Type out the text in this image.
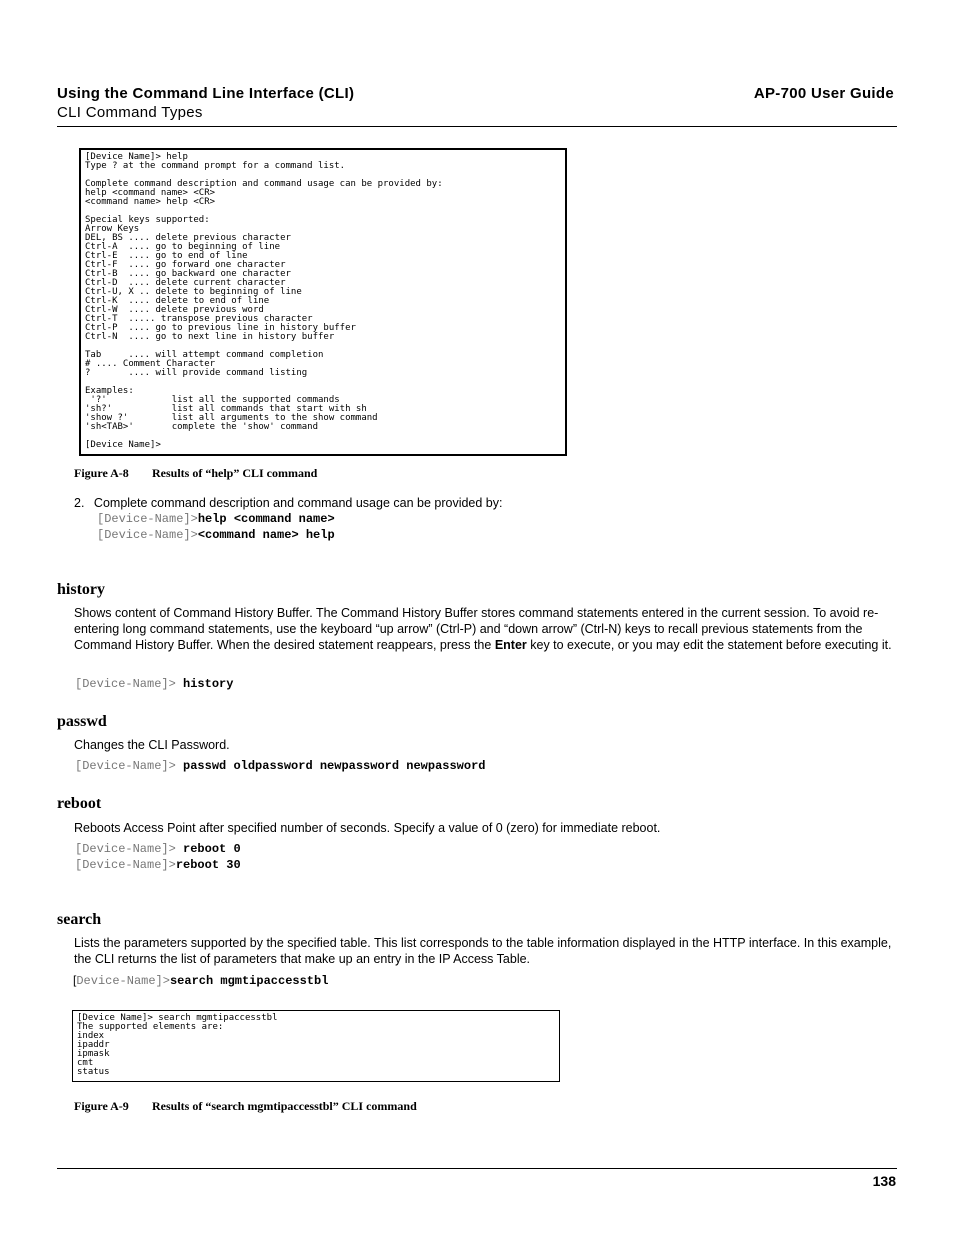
Using the Command Line Interface (CLI)
CLI Command Types
AP-700 User Guide
[Device Name]> help
Type ? at the command prompt for a command list.

Complete command description and command usage can be provided by:
help <command name> <CR>
<command name> help <CR>

Special keys supported:
Arrow Keys
DEL, BS .... delete previous character
Ctrl-A  .... go to beginning of line
Ctrl-E  .... go to end of line
Ctrl-F  .... go forward one character
Ctrl-B  .... go backward one character
Ctrl-D  .... delete current character
Ctrl-U, X .. delete to beginning of line
Ctrl-K  .... delete to end of line
Ctrl-W  .... delete previous word
Ctrl-T  ..... transpose previous character
Ctrl-P  .... go to previous line in history buffer
Ctrl-N  .... go to next line in history buffer

Tab     .... will attempt command completion
# .... Comment Character
?       .... will provide command listing

Examples:
'?'            list all the supported commands
'sh?'           list all commands that start with sh
'show ?'        list all arguments to the show command
'sh<TAB>'       complete the 'show' command

[Device Name]>
Figure A-8 Results of “help” CLI command
2. Complete command description and command usage can be provided by:
[Device-Name]>help <command name>
[Device-Name]><command name> help
history
Shows content of Command History Buffer. The Command History Buffer stores command statements entered in the current session. To avoid re-entering long command statements, use the keyboard “up arrow” (Ctrl-P) and “down arrow” (Ctrl-N) keys to recall previous statements from the Command History Buffer. When the desired statement reappears, press the Enter key to execute, or you may edit the statement before executing it.
[Device-Name]> history
passwd
Changes the CLI Password.
[Device-Name]> passwd oldpassword newpassword newpassword
reboot
Reboots Access Point after specified number of seconds. Specify a value of 0 (zero) for immediate reboot.
[Device-Name]> reboot 0
[Device-Name]>reboot 30
search
Lists the parameters supported by the specified table. This list corresponds to the table information displayed in the HTTP interface. In this example, the CLI returns the list of parameters that make up an entry in the IP Access Table.
[Device-Name]>search mgmtipaccesstbl
[Device Name]> search mgmtipaccesstbl
The supported elements are:
index
ipaddr
ipmask
cmt
status
Figure A-9 Results of “search mgmtipaccesstbl” CLI command
138
